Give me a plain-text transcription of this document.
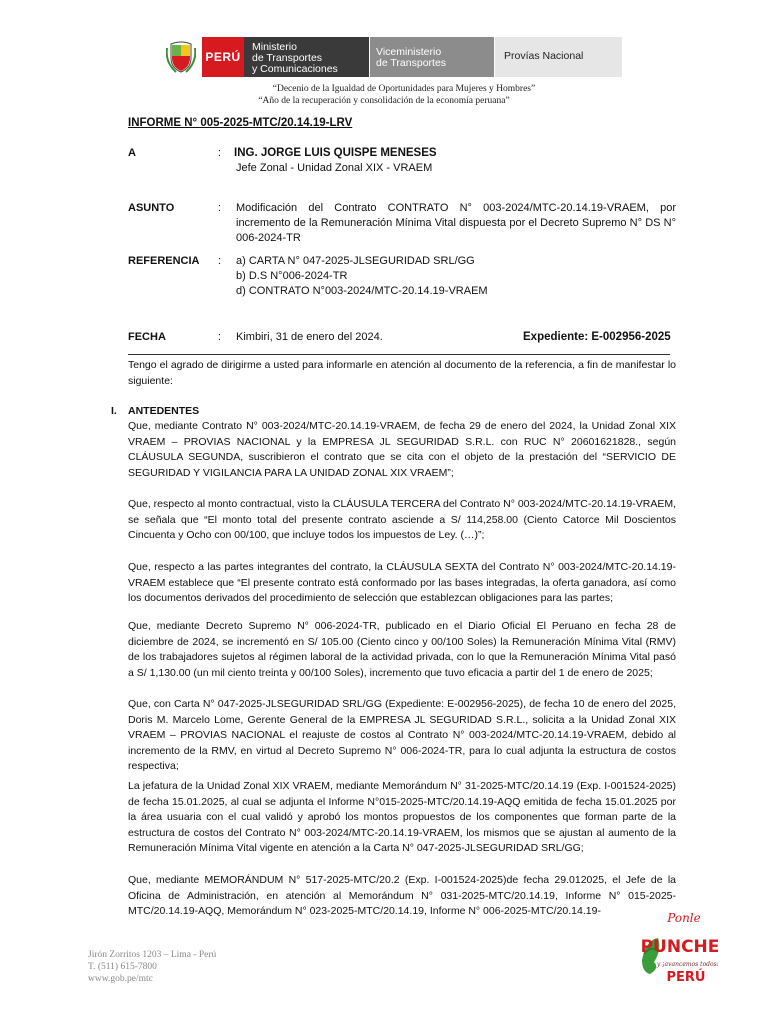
PERÚ
Ministerio
de Transportes
y Comunicaciones
Viceministerio
de Transportes
Provías Nacional
“Decenio de la Igualdad de Oportunidades para Mujeres y Hombres”
“Año de la recuperación y consolidación de la economía peruana”
INFORME N° 005-2025-MTC/20.14.19-LRV
A	: ING. JORGE LUIS QUISPE MENESES
Jefe Zonal - Unidad Zonal XIX - VRAEM
ASUNTO	: Modificación del Contrato CONTRATO N° 003-2024/MTC-20.14.19-VRAEM, por incremento de la Remuneración Mínima Vital dispuesta por el Decreto Supremo N° DS N° 006-2024-TR
REFERENCIA : a) CARTA N° 047-2025-JLSEGURIDAD SRL/GG
b) D.S N°006-2024-TR
d) CONTRATO N°003-2024/MTC-20.14.19-VRAEM
FECHA	: Kimbiri, 31 de enero del 2024.	Expediente: E-002956-2025
Tengo el agrado de dirigirme a usted para informarle en atención al documento de la referencia, a fin de manifestar lo siguiente:
I. ANTEDENTES
Que, mediante Contrato N° 003-2024/MTC-20.14.19-VRAEM, de fecha 29 de enero del 2024, la Unidad Zonal XIX VRAEM – PROVIAS NACIONAL y la EMPRESA JL SEGURIDAD S.R.L. con RUC N° 20601621828., según CLÁUSULA SEGUNDA, suscribieron el contrato que se cita con el objeto de la prestación del “SERVICIO DE SEGURIDAD Y VIGILANCIA PARA LA UNIDAD ZONAL XIX VRAEM”;
Que, respecto al monto contractual, visto la CLÁUSULA TERCERA del Contrato N° 003-2024/MTC-20.14.19-VRAEM, se señala que “El monto total del presente contrato asciende a S/ 114,258.00 (Ciento Catorce Mil Doscientos Cincuenta y Ocho con 00/100, que incluye todos los impuestos de Ley. (…)”;
Que, respecto a las partes integrantes del contrato, la CLÁUSULA SEXTA del Contrato N° 003-2024/MTC-20.14.19-VRAEM establece que “El presente contrato está conformado por las bases integradas, la oferta ganadora, así como los documentos derivados del procedimiento de selección que establezcan obligaciones para las partes;
Que, mediante Decreto Supremo N° 006-2024-TR, publicado en el Diario Oficial El Peruano en fecha 28 de diciembre de 2024, se incrementó en S/ 105.00 (Ciento cinco y 00/100 Soles) la Remuneración Mínima Vital (RMV) de los trabajadores sujetos al régimen laboral de la actividad privada, con lo que la Remuneración Mínima Vital pasó a S/ 1,130.00 (un mil ciento treinta y 00/100 Soles), incremento que tuvo eficacia a partir del 1 de enero de 2025;
Que, con Carta N° 047-2025-JLSEGURIDAD SRL/GG (Expediente: E-002956-2025), de fecha 10 de enero del 2025, Doris M. Marcelo Lome, Gerente General de la EMPRESA JL SEGURIDAD S.R.L., solicita a la Unidad Zonal XIX VRAEM – PROVIAS NACIONAL el reajuste de costos al Contrato N° 003-2024/MTC-20.14.19-VRAEM, debido al incremento de la RMV, en virtud al Decreto Supremo N° 006-2024-TR, para lo cual adjunta la estructura de costos respectiva;
La jefatura de la Unidad Zonal XIX VRAEM, mediante Memorándum N° 31-2025-MTC/20.14.19 (Exp. I-001524-2025) de fecha 15.01.2025, al cual se adjunta el Informe N°015-2025-MTC/20.14.19-AQQ emitida de fecha 15.01.2025 por la área usuaria con el cual validó y aprobó los montos propuestos de los componentes que forman parte de la estructura de costos del Contrato N° 003-2024/MTC-20.14.19-VRAEM, los mismos que se ajustan al aumento de la Remuneración Mínima Vital vigente en atención a la Carta N° 047-2025-JLSEGURIDAD SRL/GG;
Que, mediante MEMORÁNDUM N° 517-2025-MTC/20.2 (Exp. I-001524-2025)de fecha 29.012025, el Jefe de la Oficina de Administración, en atención al Memorándum N° 031-2025-MTC/20.14.19, Informe N° 015-2025-MTC/20.14.19-AQQ, Memorándum N° 023-2025-MTC/20.14.19, Informe N° 006-2025-MTC/20.14.19-
Jirón Zorritos 1203 – Lima - Perú
T. (511) 615-7800
www.gob.pe/mtc
Ponle
PUNCHE
y ¡avancemos todos!
PERÚ
